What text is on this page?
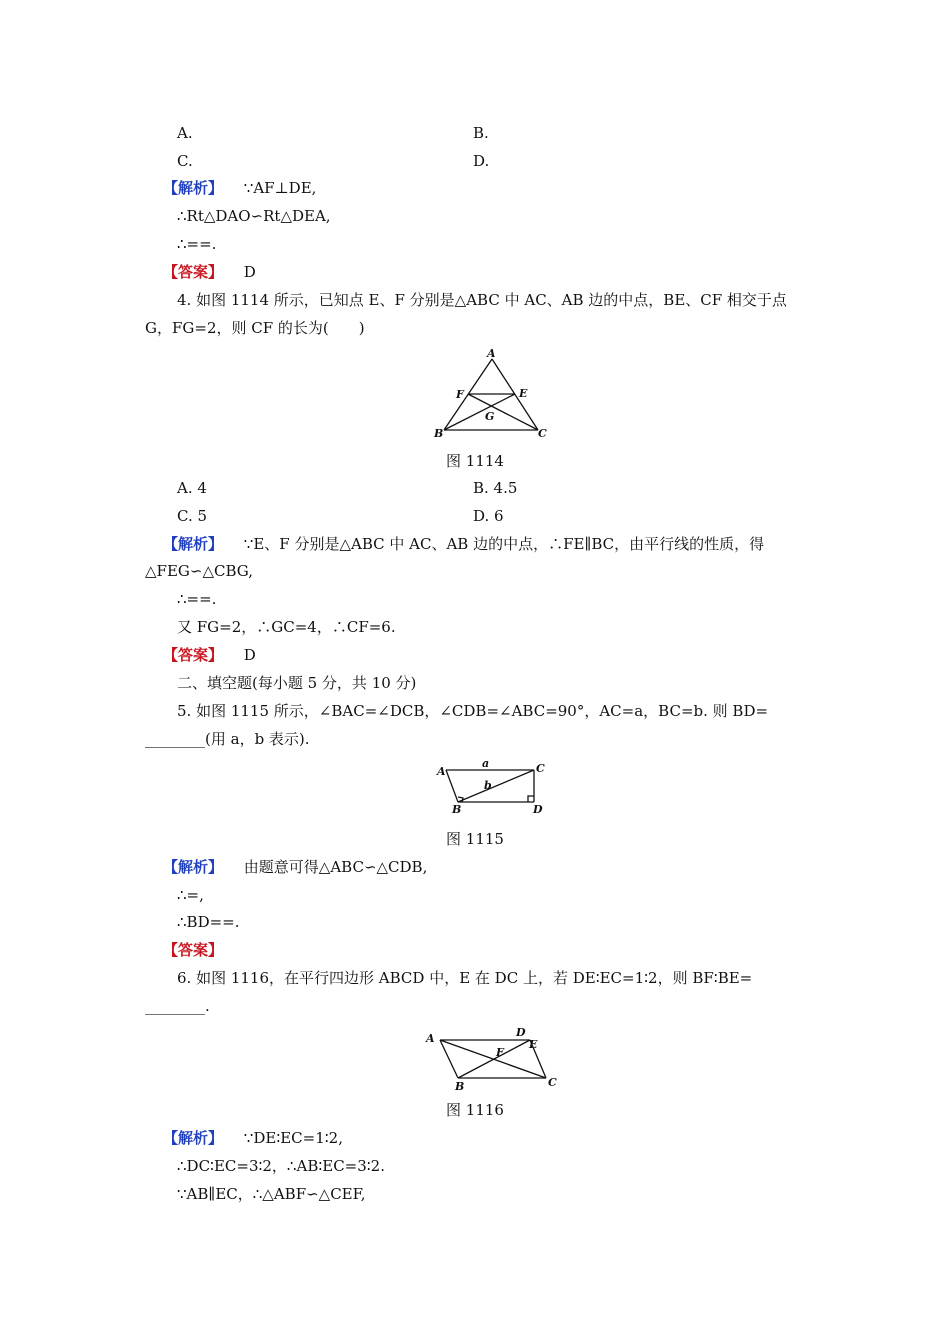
A.	B.
C.	D.
【解析】 ∵AF⊥DE,
∴Rt△DAO∽Rt△DEA,
∴==.
【答案】 D
4. 如图 1114 所示，已知点 E、F 分别是△ABC 中 AC、AB 边的中点，BE、CF 相交于点
G，FG=2，则 CF 的长为(　　)
A
F	E
G
B	C
图 1114
A. 4	B. 4.5
C. 5	D. 6
【解析】 ∵E、F 分别是△ABC 中 AC、AB 边的中点，∴FE∥BC，由平行线的性质，得
△FEG∽△CBG,
∴==.
又 FG=2，∴GC=4，∴CF=6.
【答案】 D
二、填空题(每小题 5 分，共 10 分)
5. 如图 1115 所示，∠BAC=∠DCB，∠CDB=∠ABC=90°，AC=a，BC=b. 则 BD=
________(用 a，b 表示).
A	C
B	D
a
b
图 1115
【解析】 由题意可得△ABC∽△CDB,
∴=,
∴BD==.
【答案】
6. 如图 1116，在平行四边形 ABCD 中，E 在 DC 上，若 DE∶EC=1∶2，则 BF∶BE=
________.
A	D
E
F
B	C
图 1116
【解析】 ∵DE∶EC=1∶2,
∴DC∶EC=3∶2，∴AB∶EC=3∶2.
∵AB∥EC，∴△ABF∽△CEF,
